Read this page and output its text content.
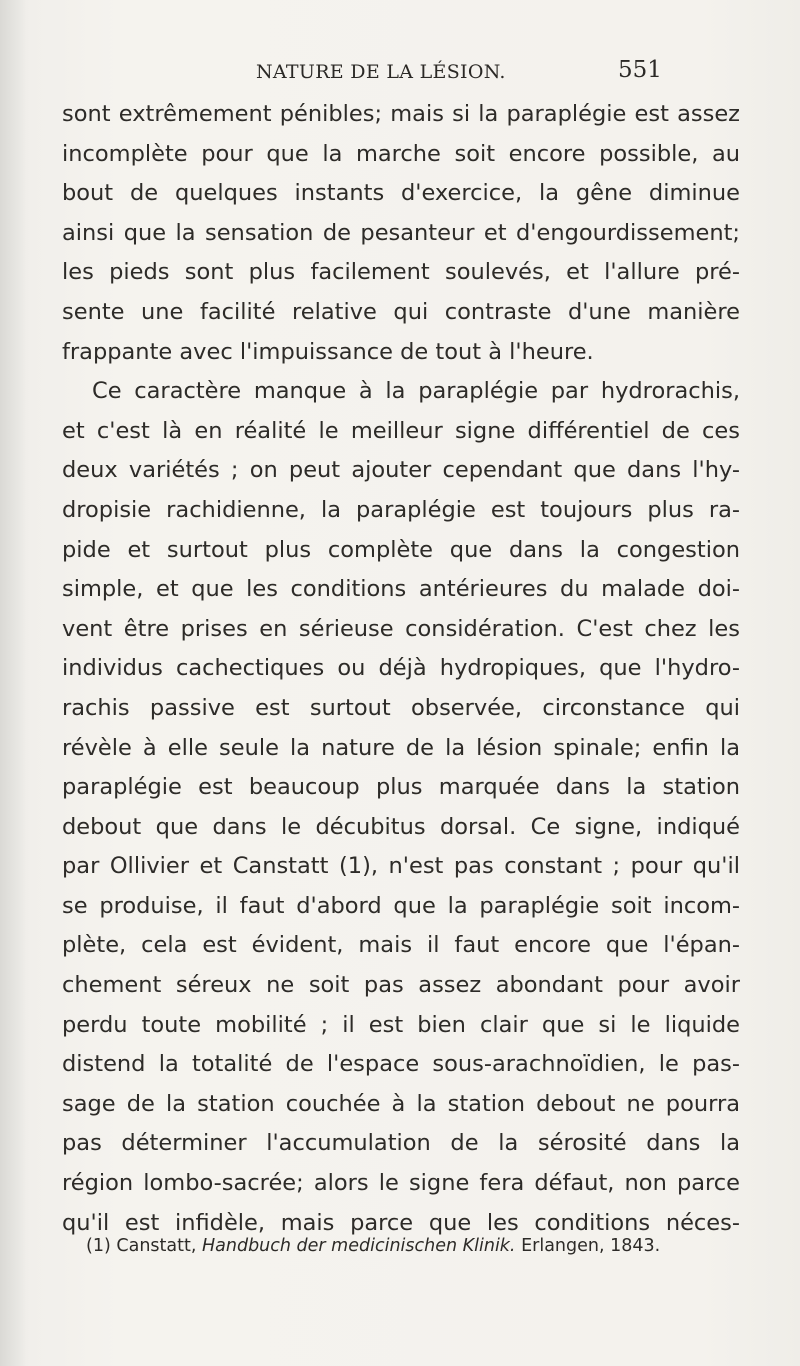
NATURE DE LA LÉSION.	551
sont extrêmement pénibles; mais si la paraplégie est assez
incomplète pour que la marche soit encore possible, au
bout de quelques instants d'exercice, la gêne diminue
ainsi que la sensation de pesanteur et d'engourdissement;
les pieds sont plus facilement soulevés, et l'allure pré-
sente une facilité relative qui contraste d'une manière
frappante avec l'impuissance de tout à l'heure.
Ce caractère manque à la paraplégie par hydrorachis,
et c'est là en réalité le meilleur signe différentiel de ces
deux variétés ; on peut ajouter cependant que dans l'hy-
dropisie rachidienne, la paraplégie est toujours plus ra-
pide et surtout plus complète que dans la congestion
simple, et que les conditions antérieures du malade doi-
vent être prises en sérieuse considération. C'est chez les
individus cachectiques ou déjà hydropiques, que l'hydro-
rachis passive est surtout observée, circonstance qui
révèle à elle seule la nature de la lésion spinale; enfin la
paraplégie est beaucoup plus marquée dans la station
debout que dans le décubitus dorsal. Ce signe, indiqué
par Ollivier et Canstatt (1), n'est pas constant ; pour qu'il
se produise, il faut d'abord que la paraplégie soit incom-
plète, cela est évident, mais il faut encore que l'épan-
chement séreux ne soit pas assez abondant pour avoir
perdu toute mobilité ; il est bien clair que si le liquide
distend la totalité de l'espace sous-arachnoïdien, le pas-
sage de la station couchée à la station debout ne pourra
pas déterminer l'accumulation de la sérosité dans la
région lombo-sacrée; alors le signe fera défaut, non parce
qu'il est infidèle, mais parce que les conditions néces-
(1) Canstatt, Handbuch der medicinischen Klinik. Erlangen, 1843.
